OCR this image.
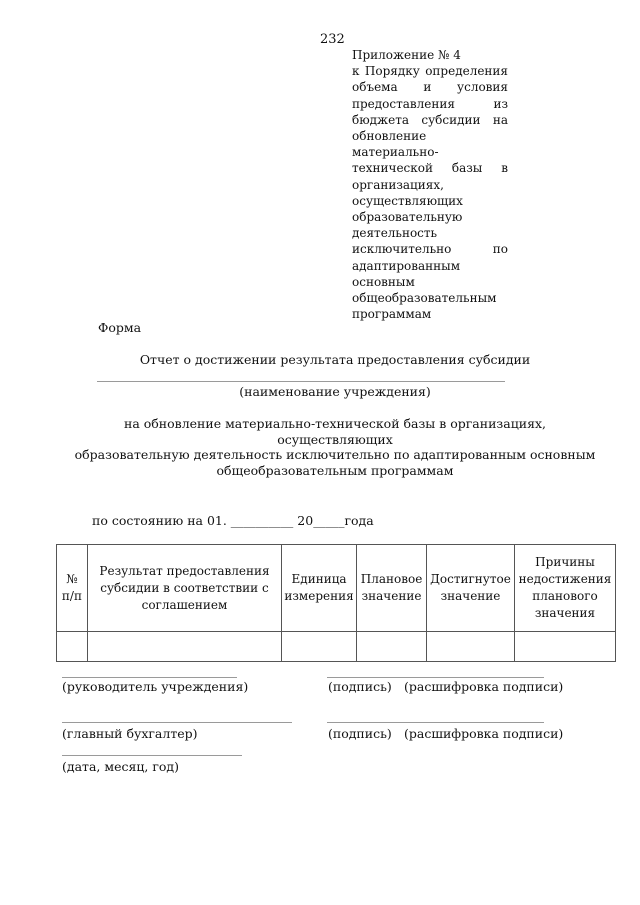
232
Приложение № 4
к Порядку определения
объема и условия
предоставления из
бюджета субсидии на
обновление материально-
технической базы в
организациях,
осуществляющих
образовательную
деятельность
исключительно по
адаптированным
основным
общеобразовательным
программам
Форма
Отчет о достижении результата предоставления субсидии
(наименование учреждения)
на обновление материально-технической базы в организациях, осуществляющих
образовательную деятельность исключительно по адаптированным основным
общеобразовательным программам
по состоянию на 01. __________ 20_____года
№ п/п	Результат предоставления субсидии в соответствии с соглашением	Единица измерения	Плановое значение	Достигнутое значение	Причины недостижения планового значения

(руководитель учреждения)	(подпись) (расшифровка подписи)
(главный бухгалтер)	(подпись) (расшифровка подписи)
(дата, месяц, год)
